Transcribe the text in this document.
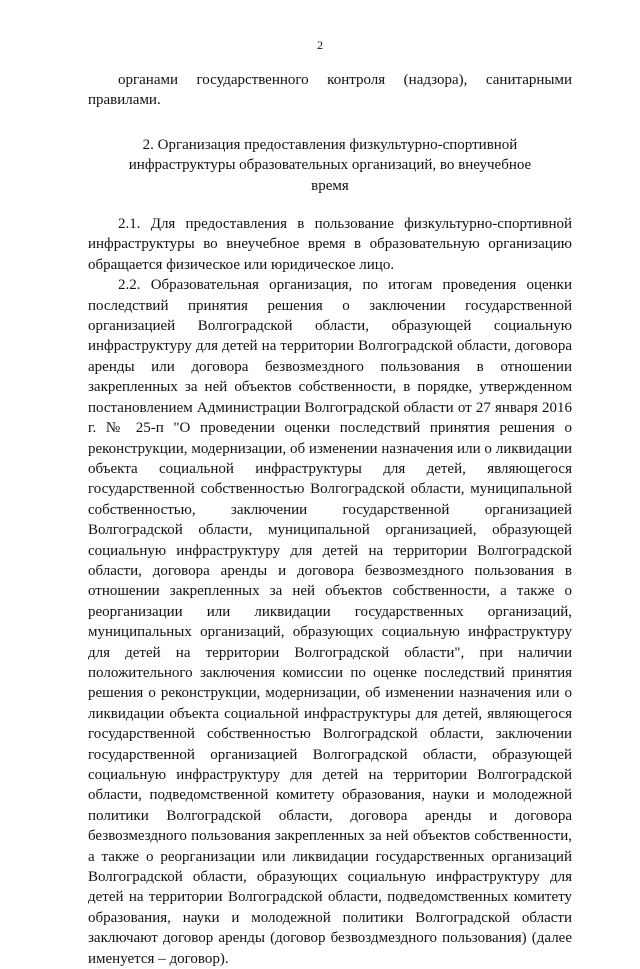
2

органами государственного контроля (надзора), санитарными правилами.

2. Организация предоставления физкультурно-спортивной
инфраструктуры образовательных организаций, во внеучебное время

2.1. Для предоставления в пользование физкультурно-спортивной инфраструктуры во внеучебное время в образовательную организацию обращается физическое или юридическое лицо.

2.2. Образовательная организация, по итогам проведения оценки последствий принятия решения о заключении государственной организацией Волгоградской области, образующей социальную инфраструктуру для детей на территории Волгоградской области, договора аренды или договора безвозмездного пользования в отношении закрепленных за ней объектов собственности, в порядке, утвержденном постановлением Администрации Волгоградской области от 27 января 2016 г. № 25-п "О проведении оценки последствий принятия решения о реконструкции, модернизации, об изменении назначения или о ликвидации объекта социальной инфраструктуры для детей, являющегося государственной собственностью Волгоградской области, муниципальной собственностью, заключении государственной организацией Волгоградской области, муниципальной организацией, образующей социальную инфраструктуру для детей на территории Волгоградской области, договора аренды и договора безвозмездного пользования в отношении закрепленных за ней объектов собственности, а также о реорганизации или ликвидации государственных организаций, муниципальных организаций, образующих социальную инфраструктуру для детей на территории Волгоградской области", при наличии положительного заключения комиссии по оценке последствий принятия решения о реконструкции, модернизации, об изменении назначения или о ликвидации объекта социальной инфраструктуры для детей, являющегося государственной собственностью Волгоградской области, заключении государственной организацией Волгоградской области, образующей социальную инфраструктуру для детей на территории Волгоградской области, подведомственной комитету образования, науки и молодежной политики Волгоградской области, договора аренды и договора безвозмездного пользования закрепленных за ней объектов собственности, а также о реорганизации или ликвидации государственных организаций Волгоградской области, образующих социальную инфраструктуру для детей на территории Волгоградской области, подведомственных комитету образования, науки и молодежной политики Волгоградской области заключают договор аренды (договор безвоздмездного пользования) (далее именуется – договор).
